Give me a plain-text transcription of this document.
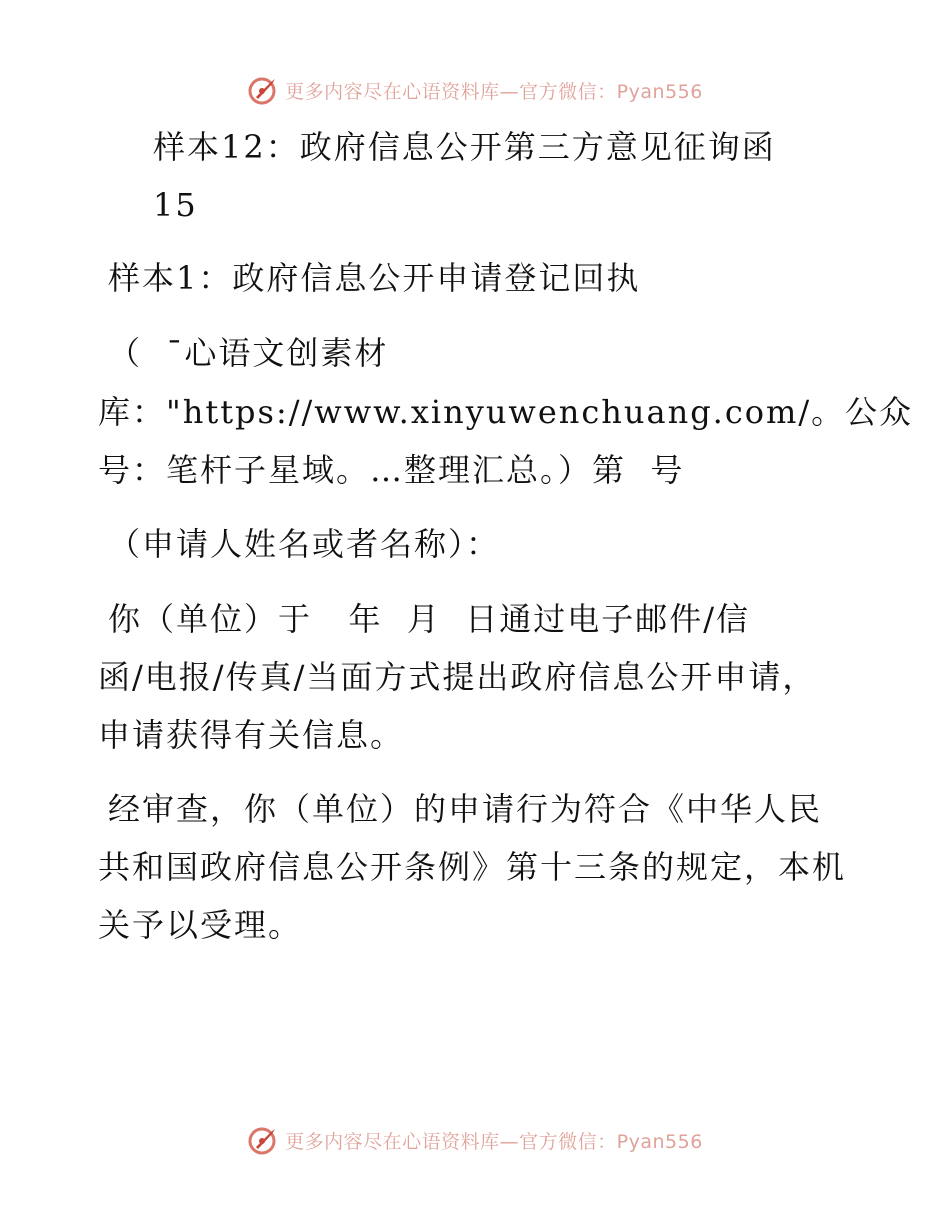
更多内容尽在心语资料库—官方微信：Pyan556
样本12：政府信息公开第三方意见征询函
15
样本1：政府信息公开申请登记回执
（  ¯心语文创素材
库："https://www.xinyuwenchuang.com/。公众
号：笔杆子星域。…整理汇总。）第  号
（申请人姓名或者名称）：
你（单位）于   年  月  日通过电子邮件/信
函/电报/传真/当面方式提出政府信息公开申请，
申请获得有关信息。
经审查，你（单位）的申请行为符合《中华人民
共和国政府信息公开条例》第十三条的规定，本机
关予以受理。
更多内容尽在心语资料库—官方微信：Pyan556
